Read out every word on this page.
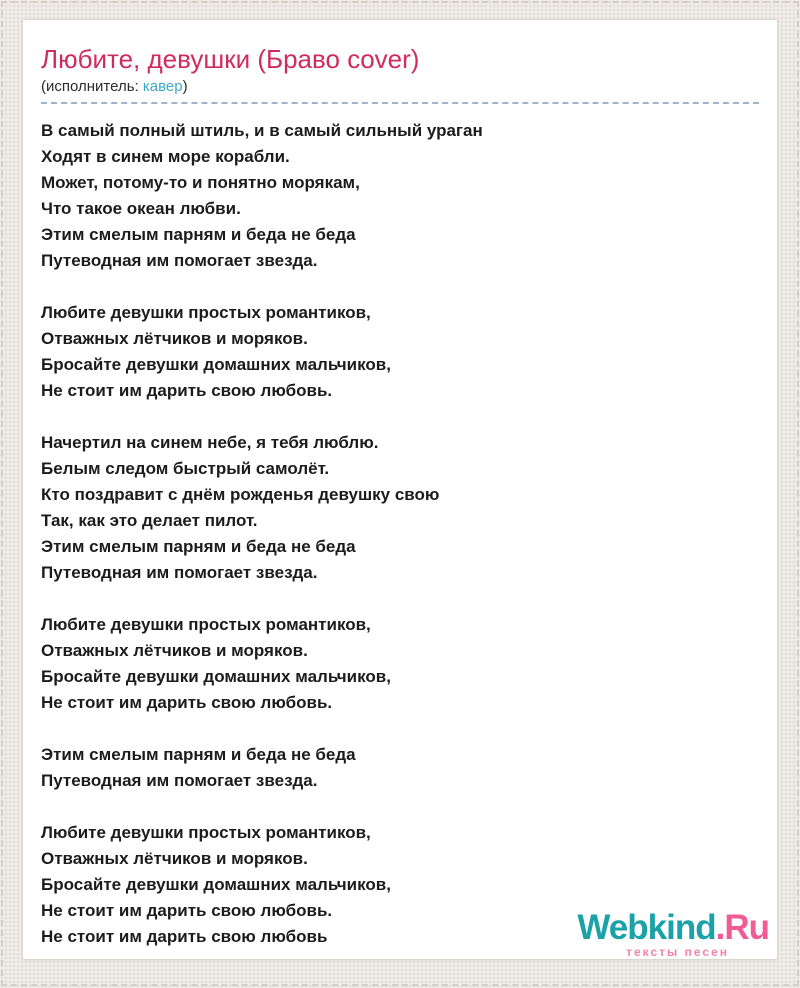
Любите, девушки (Браво cover)
(исполнитель: кавер)

В самый полный штиль, и в самый сильный ураган
Ходят в синем море корабли.
Может, потому-то и понятно морякам,
Что такое океан любви.
Этим смелым парням и беда не беда
Путеводная им помогает звезда.

Любите девушки простых романтиков,
Отважных лётчиков и моряков.
Бросайте девушки домашних мальчиков,
Не стоит им дарить свою любовь.

Начертил на синем небе, я тебя люблю.
Белым следом быстрый самолёт.
Кто поздравит с днём рожденья девушку свою
Так, как это делает пилот.
Этим смелым парням и беда не беда
Путеводная им помогает звезда.

Любите девушки простых романтиков,
Отважных лётчиков и моряков.
Бросайте девушки домашних мальчиков,
Не стоит им дарить свою любовь.

Этим смелым парням и беда не беда
Путеводная им помогает звезда.

Любите девушки простых романтиков,
Отважных лётчиков и моряков.
Бросайте девушки домашних мальчиков,
Не стоит им дарить свою любовь.
Не стоит им дарить свою любовь	Webkind.Ru
тексты песен
